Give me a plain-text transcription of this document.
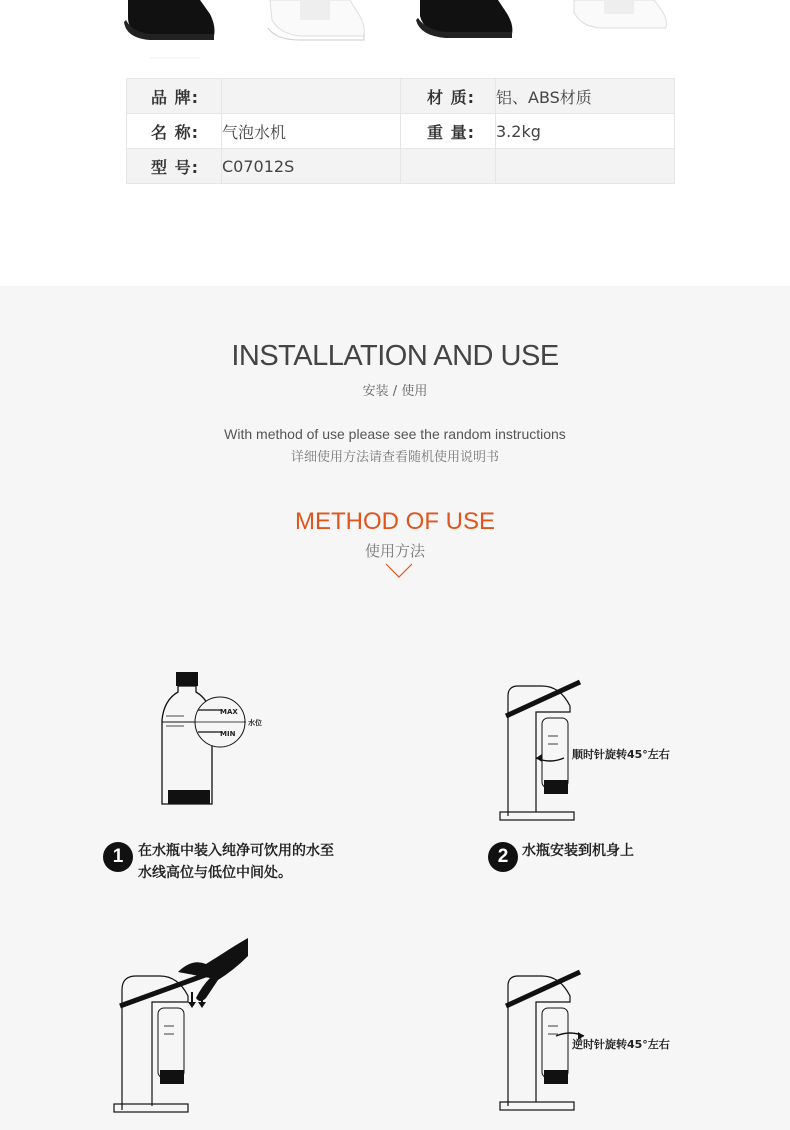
品 牌:		材 质:	铝、ABS材质
名 称:	气泡水机	重 量:	3.2kg
型 号:	C07012S		
INSTALLATION AND USE
安装 / 使用
With method of use please see the random instructions
详细使用方法请查看随机使用说明书
METHOD OF USE
使用方法
MAX
MIN
水位
1	在水瓶中装入纯净可饮用的水至
水线高位与低位中间处。
顺时针旋转45°左右
2 水瓶安装到机身上
逆时针旋转45°左右
